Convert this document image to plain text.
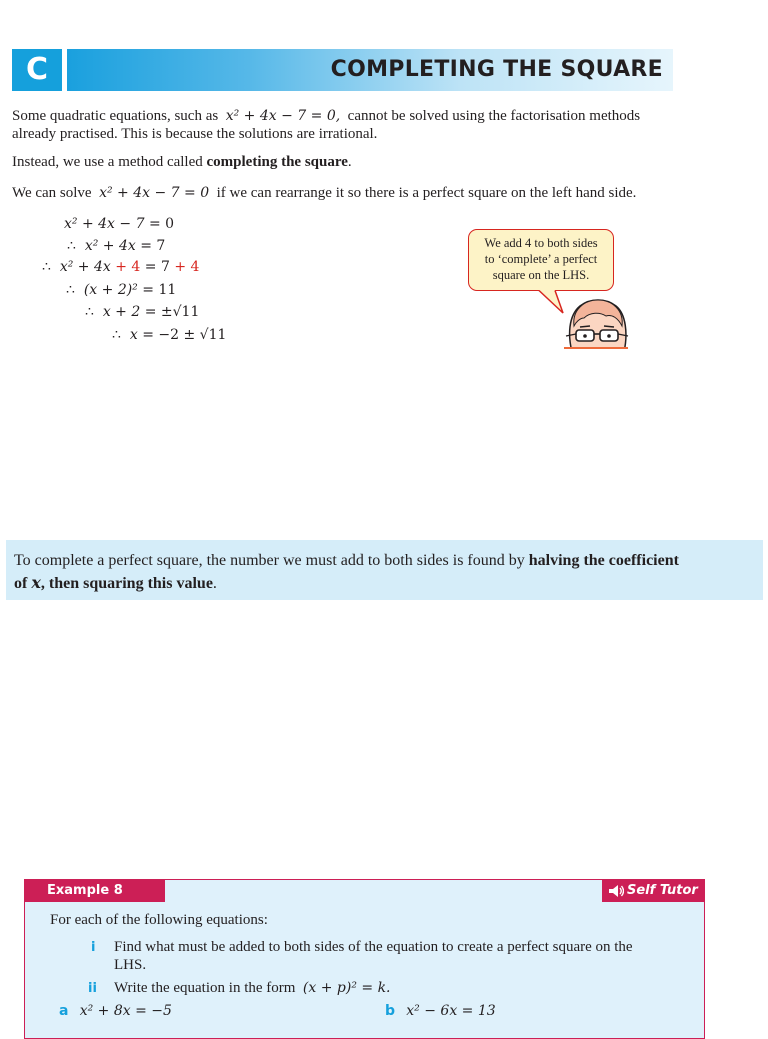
C	COMPLETING THE SQUARE
Some quadratic equations, such as x² + 4x − 7 = 0, cannot be solved using the factorisation methods
already practised. This is because the solutions are irrational.
Instead, we use a method called completing the square.
We can solve x² + 4x − 7 = 0 if we can rearrange it so there is a perfect square on the left hand side.
x² + 4x − 7 = 0
∴ x² + 4x = 7
∴ x² + 4x + 4 = 7 + 4
∴ (x + 2)² = 11
∴ x + 2 = ±√11
∴ x = −2 ± √11
We add 4 to both sides
to ‘complete’ a perfect
square on the LHS.
To complete a perfect square, the number we must add to both sides is found by halving the coefficient
of x, then squaring this value.
Example 8	Self Tutor
For each of the following equations:
i Find what must be added to both sides of the equation to create a perfect square on the
LHS.
ii Write the equation in the form (x + p)² = k.
a x² + 8x = −5	b x² − 6x = 13
